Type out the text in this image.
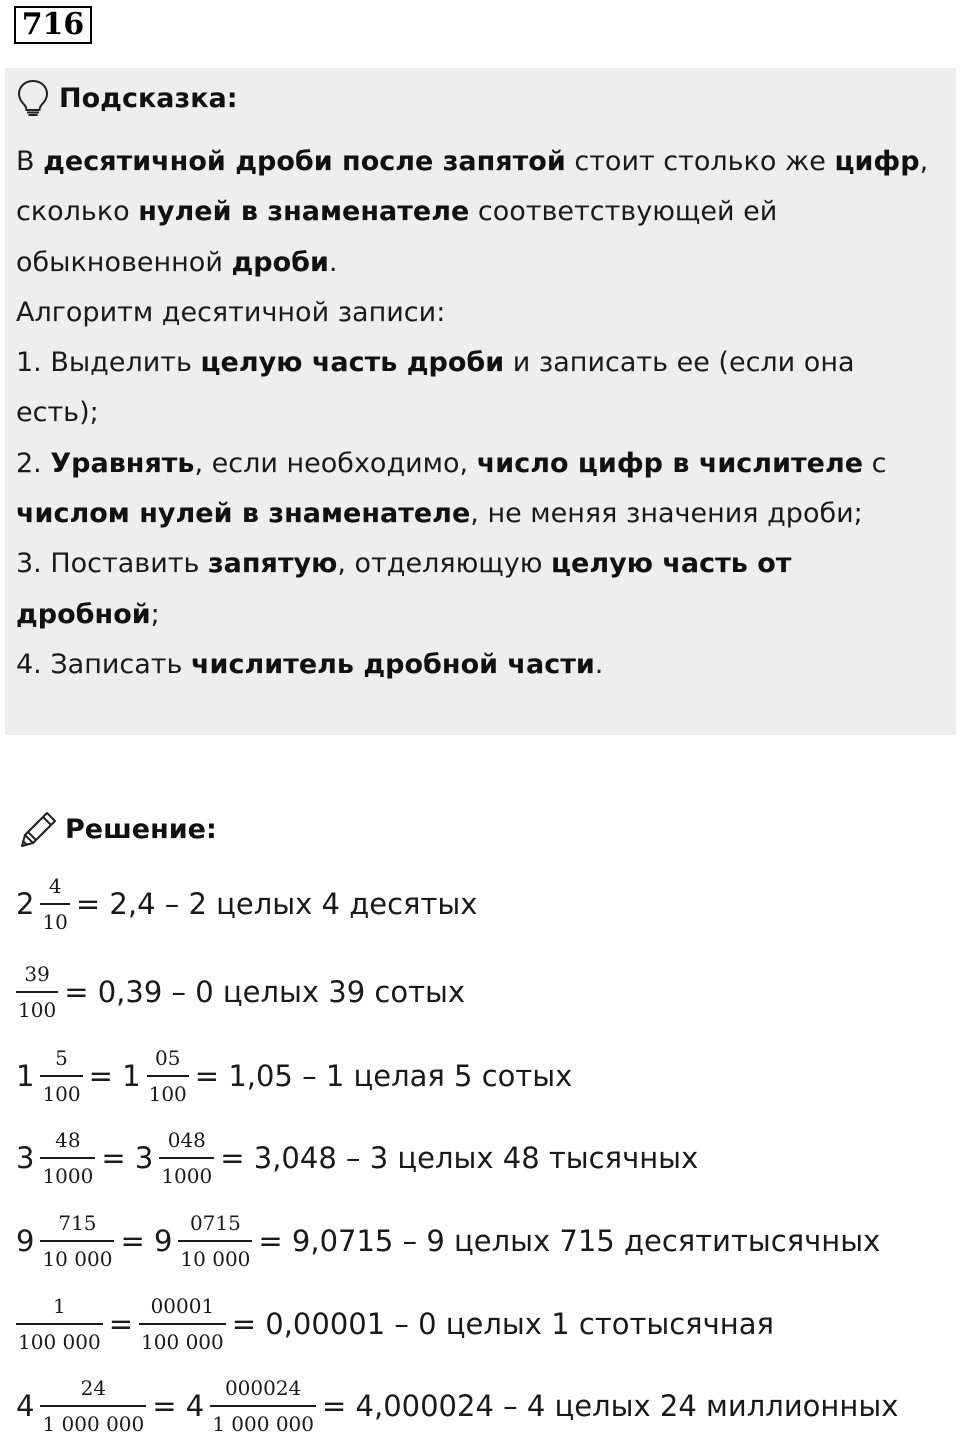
716
Подсказка:

В десятичной дроби после запятой стоит столько же цифр, сколько нулей в знаменателе соответствующей ей обыкновенной дроби.

Алгоритм десятичной записи:

1. Выделить целую часть дроби и записать ее (если она есть);

2. Уравнять, если необходимо, число цифр в числителе с числом нулей в знаменателе, не меняя значения дроби;

3. Поставить запятую, отделяющую целую часть от дробной;

4. Записать числитель дробной части.

Решение:
$2 \frac{4}{10} = 2,4 - 2$ целых 4 десятых
$\frac{39}{100} = 0,39 - 0$ целых 39 сотых
$1 \frac{5}{100} = 1 \frac{05}{100} = 1,05 - 1$ целая 5 сотых
$3 \frac{48}{1000} = 3 \frac{048}{1000} = 3,048 - 3$ целых 48 тысячных
$9 \frac{715}{10 000} = 9 \frac{0715}{10 000} = 9,0715 - 9$ целых 715 десятитысячных
$\frac{1}{100 000} = \frac{00001}{100 000} = 0,00001 - 0$ целых 1 стотысячная
$4 \frac{24}{1 000 000} = 4 \frac{000024}{1 000 000} = 4,000024 - 4$ целых 24 миллионных
